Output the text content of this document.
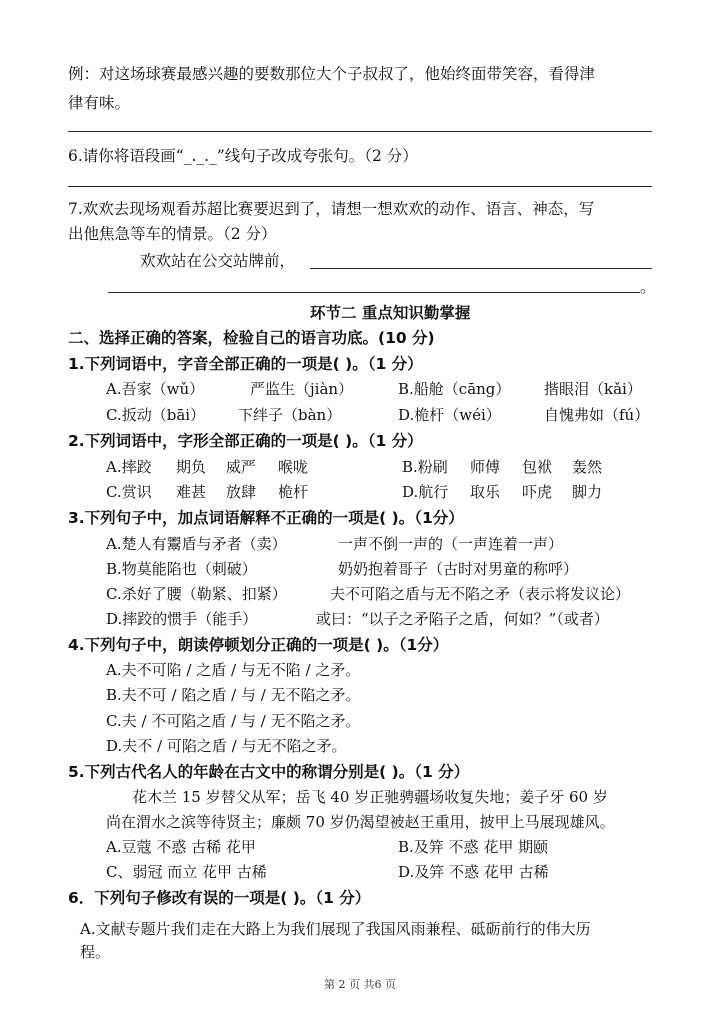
例：对这场球赛最感兴趣的要数那位大个子叔叔了，他始终面带笑容，看得津
律有味。
6.请你将语段画“_._._”线句子改成夸张句。（2 分）
7.欢欢去现场观看苏超比赛要迟到了，请想一想欢欢的动作、语言、神态，写
出他焦急等车的情景。（2 分）
欢欢站在公交站牌前，
。
环节二 重点知识勤掌握
二、选择正确的答案，检验自己的语言功底。(10 分)
1.下列词语中，字音全部正确的一项是( )。（1 分）
A.吾家（wǔ）	严监生（jiàn）	B.船舱（cāng） 揩眼泪（kǎi）
C.扳动（bāi） 下绊子（bàn）	D.桅杆（wéi）	自愧弗如（fú）
2.下列词语中，字形全部正确的一项是( )。（1 分）
A.摔跤 期负 威严 喉咙	B.粉刷 师傅 包袱 轰然
C.赏识 难甚 放肆 桅杆	D.航行 取乐 吓虎 脚力
3.下列句子中，加点词语解释不正确的一项是( )。（1分）
A.楚人有鬻盾与矛者（卖）	一声不倒一声的（一声连着一声）
B.物莫能陷也（刺破）	奶奶抱着哥子（古时对男童的称呼）
C.杀好了腰（勒紧、扣紧）	夫不可陷之盾与无不陷之矛（表示将发议论）
D.摔跤的惯手（能手）	或曰：“以子之矛陷子之盾，何如？”（或者）
4.下列句子中，朗读停顿划分正确的一项是( )。（1分）
A.夫不可陷 / 之盾 / 与无不陷 / 之矛。
B.夫不可 / 陷之盾 / 与 / 无不陷之矛。
C.夫 / 不可陷之盾 / 与 / 无不陷之矛。
D.夫不 / 可陷之盾 / 与无不陷之矛。
5.下列古代名人的年龄在古文中的称谓分别是( )。（1 分）
花木兰 15 岁替父从军；岳飞 40 岁正驰骋疆场收复失地；姜子牙 60 岁
尚在渭水之滨等待贤主；廉颇 70 岁仍渴望被赵王重用，披甲上马展现雄风。
A.豆蔻 不惑 古稀 花甲	B.及笄 不惑 花甲 期颐
C、弱冠 而立 花甲 古稀	D.及笄 不惑 花甲 古稀
6．下列句子修改有误的一项是( )。（1 分）
A.文献专题片我们走在大路上为我们展现了我国风雨兼程、砥砺前行的伟大历
程。
第 2 页 共6 页
